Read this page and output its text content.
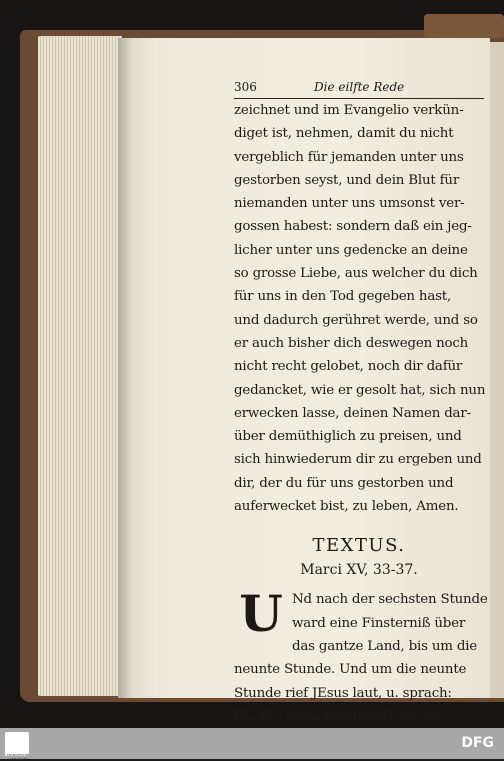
306	Die eilfte Rede
zeichnet und im Evangelio verkün-
diget ist, nehmen, damit du nicht
vergeblich für jemanden unter uns
gestorben seyst, und dein Blut für
niemanden unter uns umsonst ver-
gossen habest: sondern daß ein jeg-
licher unter uns gedencke an deine
so grosse Liebe, aus welcher du dich
für uns in den Tod gegeben hast,
und dadurch gerühret werde, und so
er auch bisher dich deswegen noch
nicht recht gelobet, noch dir dafür
gedancket, wie er gesolt hat, sich nun
erwecken lasse, deinen Namen dar-
über demüthiglich zu preisen, und
sich hinwiederum dir zu ergeben und
dir, der du für uns gestorben und
auferwecket bist, zu leben, Amen.
TEXTUS.
Marci XV, 33-37.
U Nd nach der sechsten Stunde
ward eine Finsterniß über
das gantze Land, bis um die
neunte Stunde. Und um die neunte
Stunde rief JEsus laut, u. sprach:
Eli, Eli, lama asabthani? das ist
FRANCKESCHE STIFTUNGEN
DFG
